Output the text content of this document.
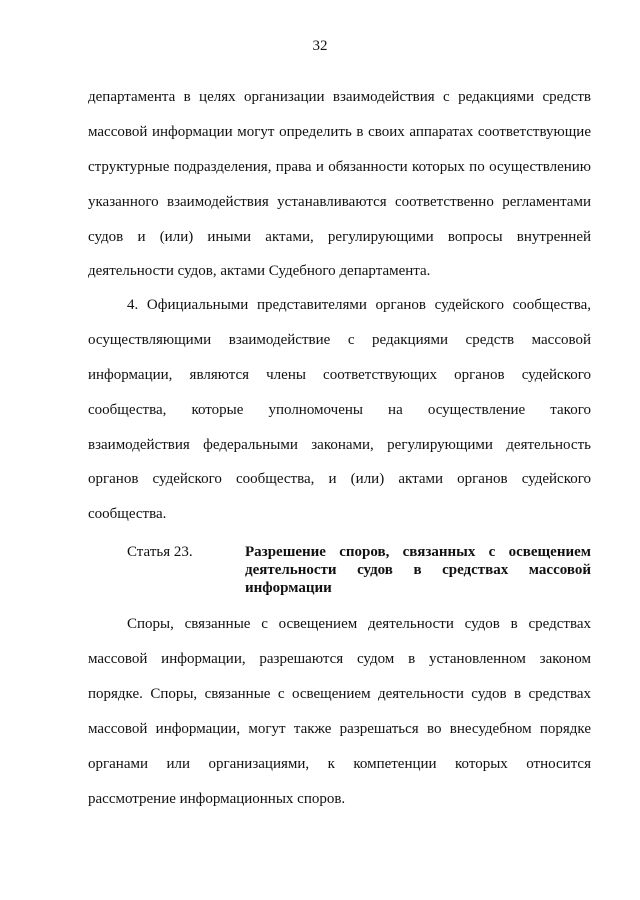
32
департамента в целях организации взаимодействия с редакциями средств
массовой информации могут определить в своих аппаратах соответствующие
структурные подразделения, права и обязанности которых по осуществлению
указанного взаимодействия устанавливаются соответственно регламентами
судов и (или) иными актами, регулирующими вопросы внутренней
деятельности судов, актами Судебного департамента.
4. Официальными представителями органов судейского сообщества,
осуществляющими взаимодействие с редакциями средств массовой
информации, являются члены соответствующих органов судейского
сообщества, которые уполномочены на осуществление такого
взаимодействия федеральными законами, регулирующими деятельность
органов судейского сообщества, и (или) актами органов судейского
сообщества.
Статья 23.	Разрешение споров, связанных с освещением
деятельности судов в средствах массовой
информации
Споры, связанные с освещением деятельности судов в средствах
массовой информации, разрешаются судом в установленном законом
порядке. Споры, связанные с освещением деятельности судов в средствах
массовой информации, могут также разрешаться во внесудебном порядке
органами или организациями, к компетенции которых относится
рассмотрение информационных споров.
